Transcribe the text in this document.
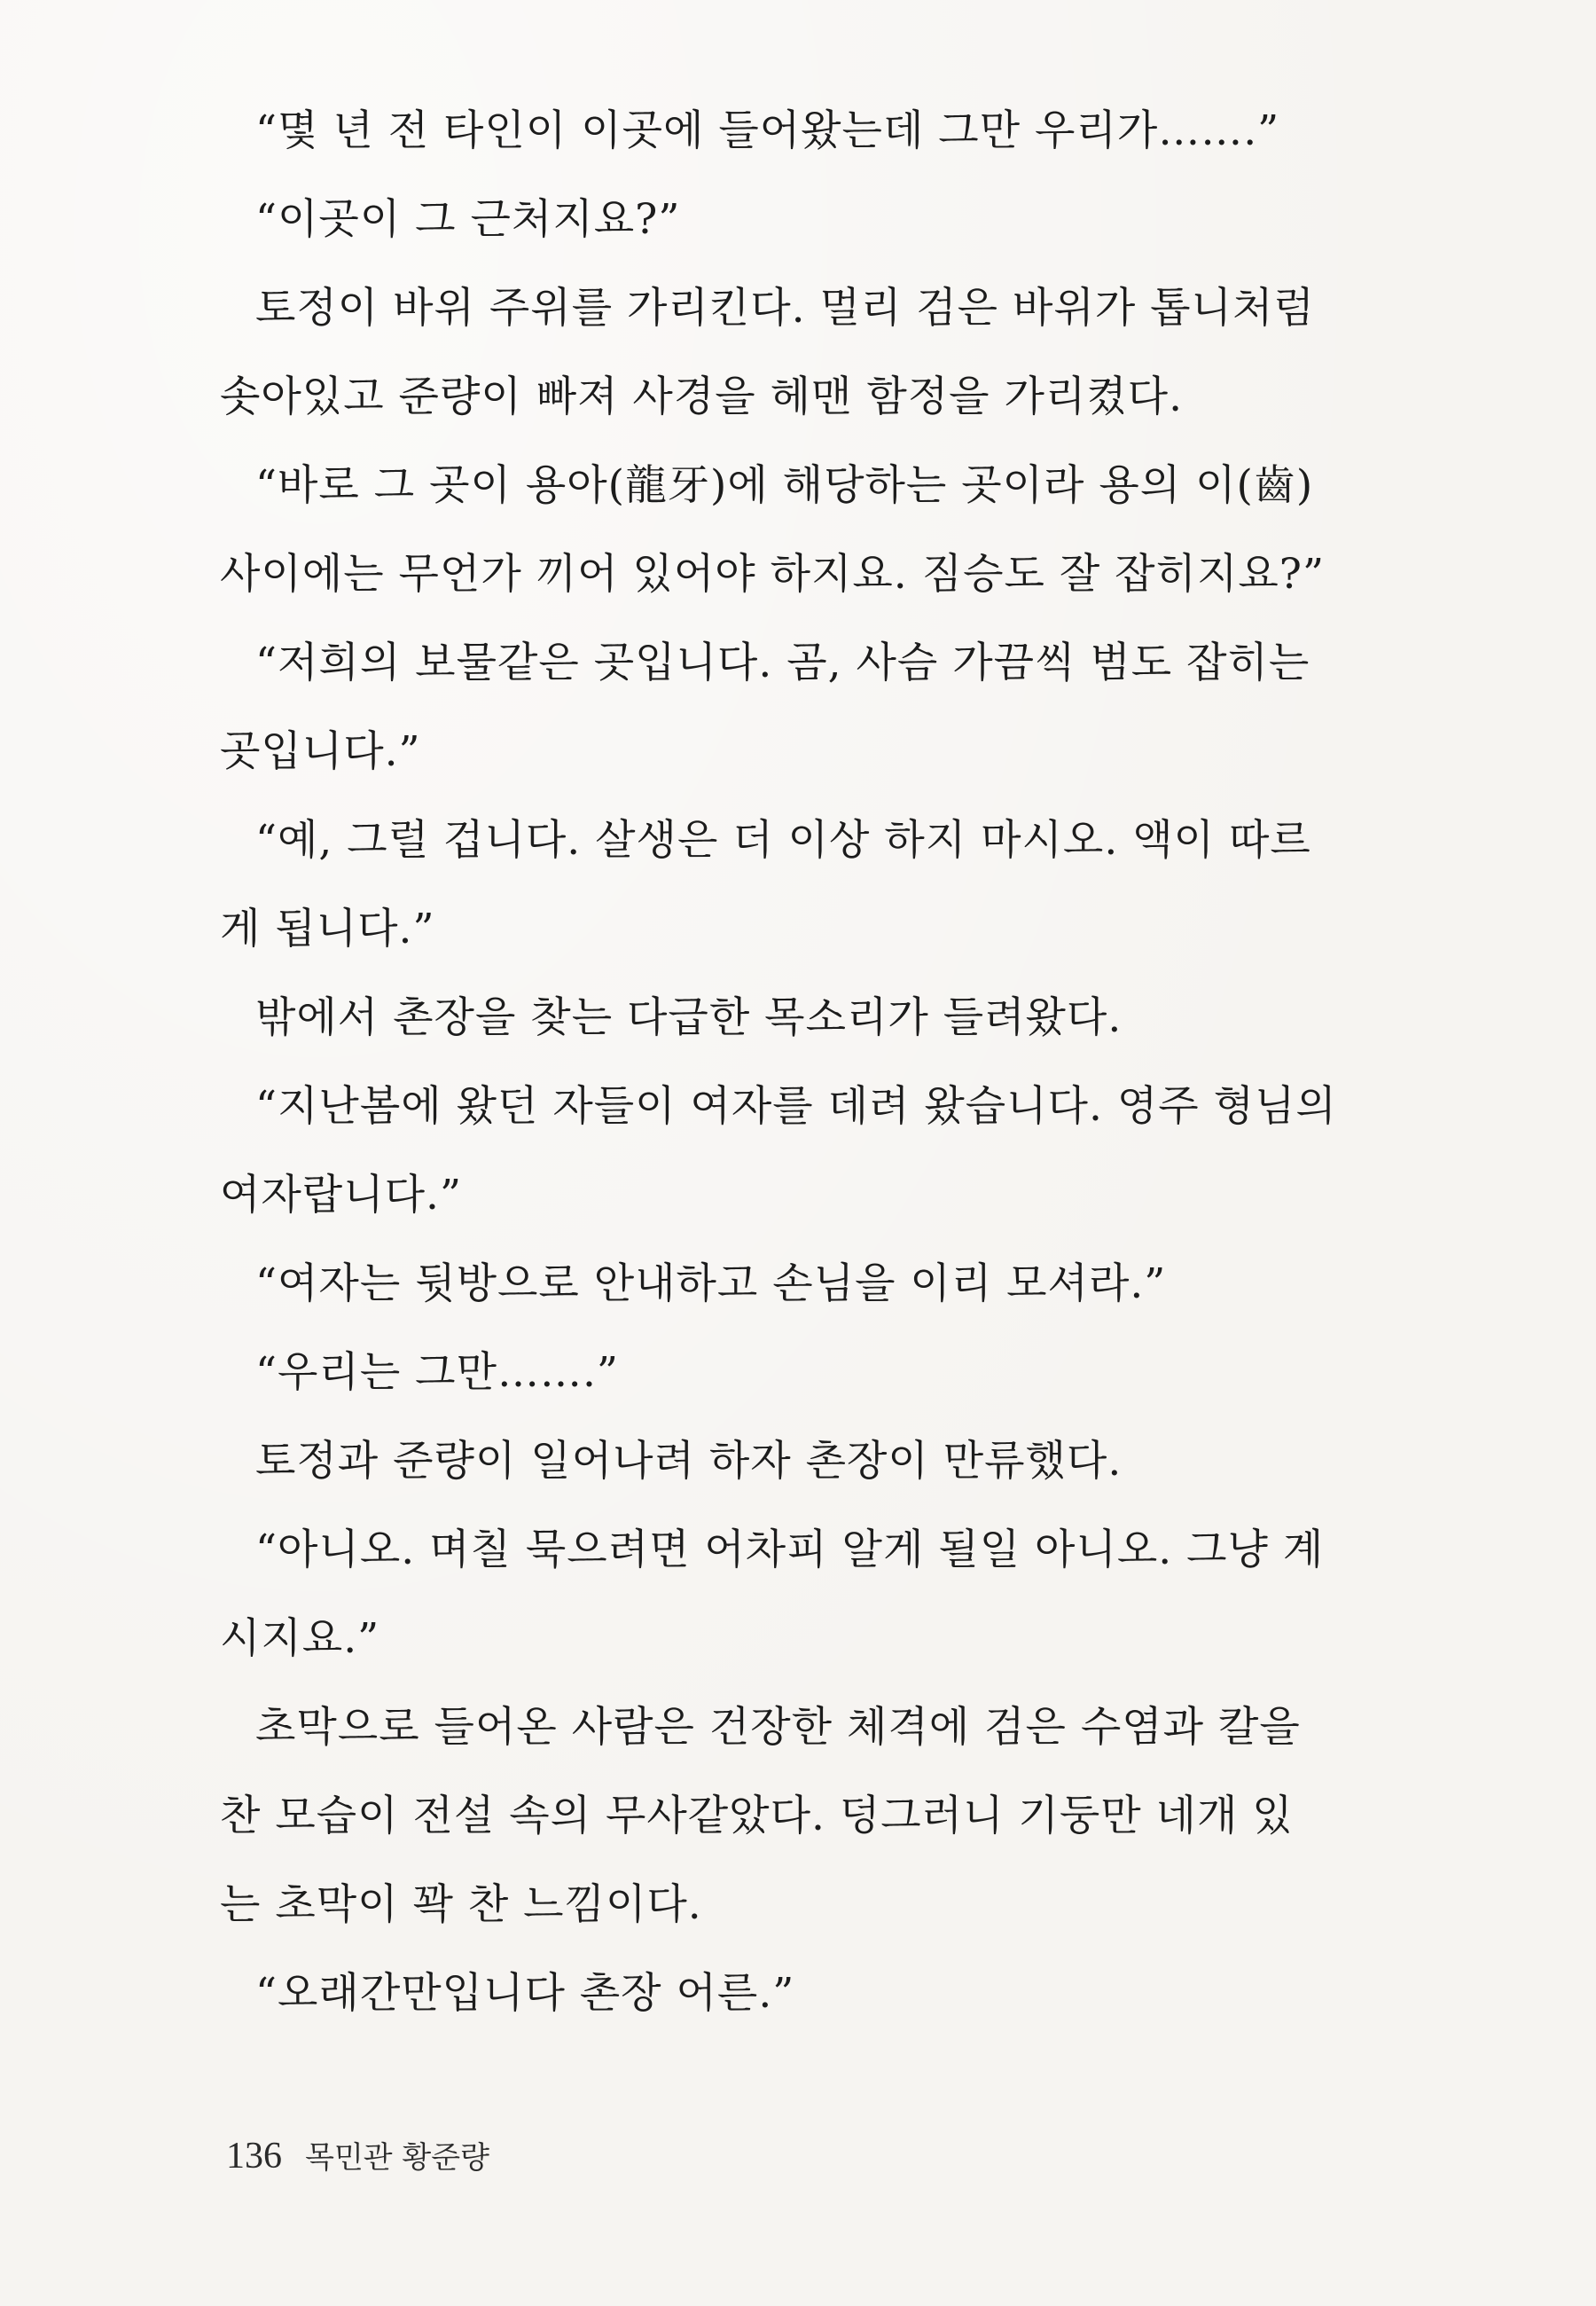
“몇 년 전 타인이 이곳에 들어왔는데 그만 우리가…….”
“이곳이 그 근처지요?”
토정이 바위 주위를 가리킨다. 멀리 검은 바위가 톱니처럼
솟아있고 준량이 빠져 사경을 헤맨 함정을 가리켰다.
“바로 그 곳이 용아(龍牙)에 해당하는 곳이라 용의 이(齒)
사이에는 무언가 끼어 있어야 하지요. 짐승도 잘 잡히지요?”
“저희의 보물같은 곳입니다. 곰, 사슴 가끔씩 범도 잡히는
곳입니다.”
“예, 그럴 겁니다. 살생은 더 이상 하지 마시오. 액이 따르
게 됩니다.”
밖에서 촌장을 찾는 다급한 목소리가 들려왔다.
“지난봄에 왔던 자들이 여자를 데려 왔습니다. 영주 형님의
여자랍니다.”
“여자는 뒷방으로 안내하고 손님을 이리 모셔라.”
“우리는 그만…….”
토정과 준량이 일어나려 하자 촌장이 만류했다.
“아니오. 며칠 묵으려면 어차피 알게 될일 아니오. 그냥 계
시지요.”
초막으로 들어온 사람은 건장한 체격에 검은 수염과 칼을
찬 모습이 전설 속의 무사같았다. 덩그러니 기둥만 네개 있
는 초막이 꽉 찬 느낌이다.
“오래간만입니다 촌장 어른.”
136 목민관 황준량
